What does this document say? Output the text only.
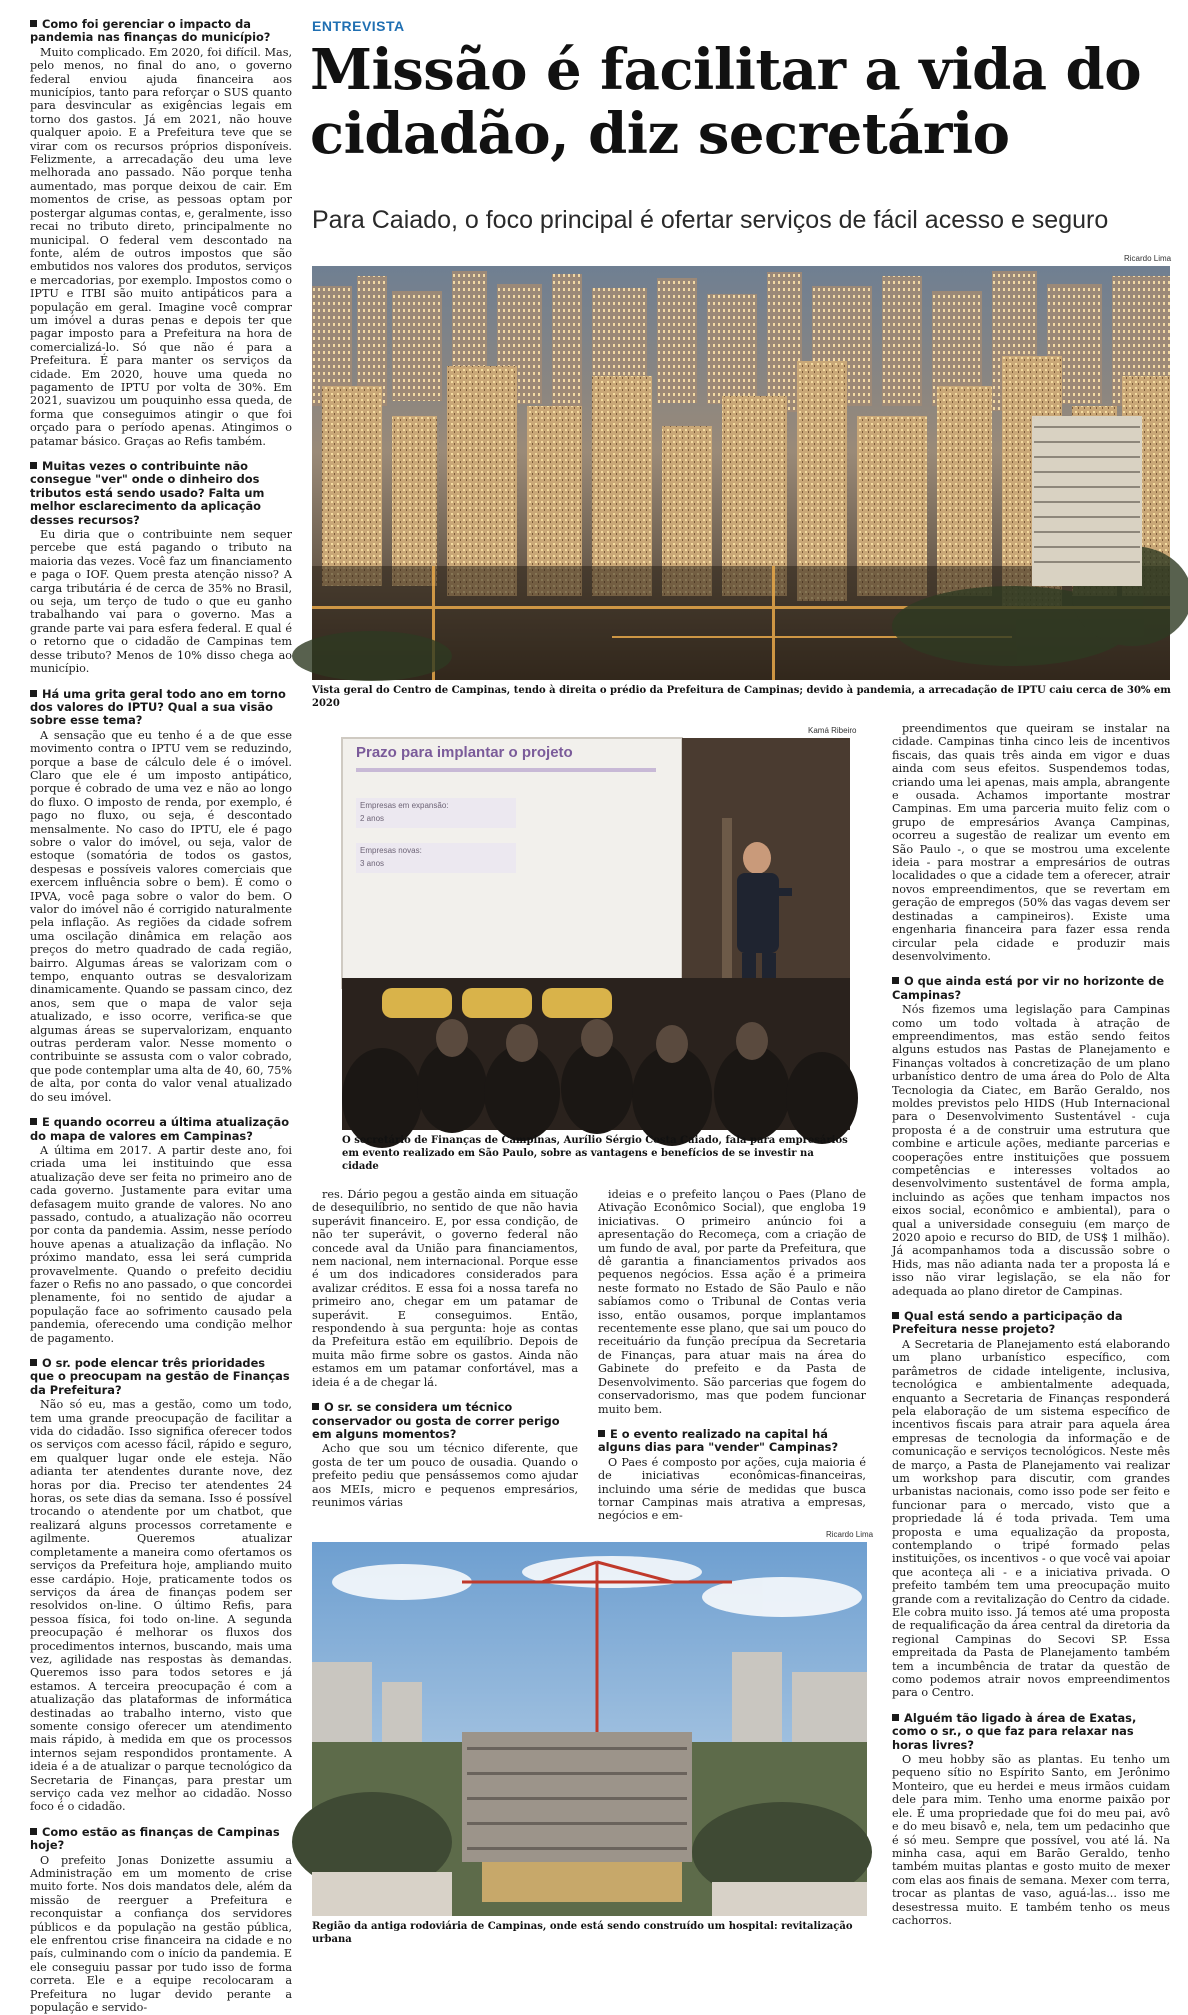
ENTREVISTA
Missão é facilitar a vida do cidadão, diz secretário
Para Caiado, o foco principal é ofertar serviços de fácil acesso e seguro
Como foi gerenciar o impacto da pandemia nas finanças do município?

Muito complicado. Em 2020, foi difícil. Mas, pelo menos, no final do ano, o governo federal enviou ajuda financeira aos municípios, tanto para reforçar o SUS quanto para desvincular as exigências legais em torno dos gastos. Já em 2021, não houve qualquer apoio. E a Prefeitura teve que se virar com os recursos próprios disponíveis. Felizmente, a arrecadação deu uma leve melhorada ano passado. Não porque tenha aumentado, mas porque deixou de cair. Em momentos de crise, as pessoas optam por postergar algumas contas, e, geralmente, isso recai no tributo direto, principalmente no municipal. O federal vem descontado na fonte, além de outros impostos que são embutidos nos valores dos produtos, serviços e mercadorias, por exemplo. Impostos como o IPTU e ITBI são muito antipáticos para a população em geral. Imagine você comprar um imóvel a duras penas e depois ter que pagar imposto para a Prefeitura na hora de comercializá-lo. Só que não é para a Prefeitura. É para manter os serviços da cidade. Em 2020, houve uma queda no pagamento de IPTU por volta de 30%. Em 2021, suavizou um pouquinho essa queda, de forma que conseguimos atingir o que foi orçado para o período apenas. Atingimos o patamar básico. Graças ao Refis também.

Muitas vezes o contribuinte não consegue "ver" onde o dinheiro dos tributos está sendo usado? Falta um melhor esclarecimento da aplicação desses recursos?

Eu diria que o contribuinte nem sequer percebe que está pagando o tributo na maioria das vezes. Você faz um financiamento e paga o IOF. Quem presta atenção nisso? A carga tributária é de cerca de 35% no Brasil, ou seja, um terço de tudo o que eu ganho trabalhando vai para o governo. Mas a grande parte vai para esfera federal. E qual é o retorno que o cidadão de Campinas tem desse tributo? Menos de 10% disso chega ao município.

Há uma grita geral todo ano em torno dos valores do IPTU? Qual a sua visão sobre esse tema?

A sensação que eu tenho é a de que esse movimento contra o IPTU vem se reduzindo, porque a base de cálculo dele é o imóvel. Claro que ele é um imposto antipático, porque é cobrado de uma vez e não ao longo do fluxo. O imposto de renda, por exemplo, é pago no fluxo, ou seja, é descontado mensalmente. No caso do IPTU, ele é pago sobre o valor do imóvel, ou seja, valor de estoque (somatória de todos os gastos, despesas e possíveis valores comerciais que exercem influência sobre o bem). É como o IPVA, você paga sobre o valor do bem. O valor do imóvel não é corrigido naturalmente pela inflação. As regiões da cidade sofrem uma oscilação dinâmica em relação aos preços do metro quadrado de cada região, bairro. Algumas áreas se valorizam com o tempo, enquanto outras se desvalorizam dinamicamente. Quando se passam cinco, dez anos, sem que o mapa de valor seja atualizado, e isso ocorre, verifica-se que algumas áreas se supervalorizam, enquanto outras perderam valor. Nesse momento o contribuinte se assusta com o valor cobrado, que pode contemplar uma alta de 40, 60, 75% de alta, por conta do valor venal atualizado do seu imóvel.

E quando ocorreu a última atualização do mapa de valores em Campinas?

A última em 2017. A partir deste ano, foi criada uma lei instituindo que essa atualização deve ser feita no primeiro ano de cada governo. Justamente para evitar uma defasagem muito grande de valores. No ano passado, contudo, a atualização não ocorreu por conta da pandemia. Assim, nesse período houve apenas a atualização da inflação. No próximo mandato, essa lei será cumprida provavelmente. Quando o prefeito decidiu fazer o Refis no ano passado, o que concordei plenamente, foi no sentido de ajudar a população face ao sofrimento causado pela pandemia, oferecendo uma condição melhor de pagamento.

O sr. pode elencar três prioridades que o preocupam na gestão de Finanças da Prefeitura?

Não só eu, mas a gestão, como um todo, tem uma grande preocupação de facilitar a vida do cidadão. Isso significa oferecer todos os serviços com acesso fácil, rápido e seguro, em qualquer lugar onde ele esteja. Não adianta ter atendentes durante nove, dez horas por dia. Preciso ter atendentes 24 horas, os sete dias da semana. Isso é possível trocando o atendente por um chatbot, que realizará alguns processos corretamente e agilmente. Queremos atualizar completamente a maneira como ofertamos os serviços da Prefeitura hoje, ampliando muito esse cardápio. Hoje, praticamente todos os serviços da área de finanças podem ser resolvidos on-line. O último Refis, para pessoa física, foi todo on-line. A segunda preocupação é melhorar os fluxos dos procedimentos internos, buscando, mais uma vez, agilidade nas respostas às demandas. Queremos isso para todos setores e já estamos. A terceira preocupação é com a atualização das plataformas de informática destinadas ao trabalho interno, visto que somente consigo oferecer um atendimento mais rápido, à medida em que os processos internos sejam respondidos prontamente. A ideia é a de atualizar o parque tecnológico da Secretaria de Finanças, para prestar um serviço cada vez melhor ao cidadão. Nosso foco é o cidadão.

Como estão as finanças de Campinas hoje?

O prefeito Jonas Donizette assumiu a Administração em um momento de crise muito forte. Nos dois mandatos dele, além da missão de reerguer a Prefeitura e reconquistar a confiança dos servidores públicos e da população na gestão pública, ele enfrentou crise financeira na cidade e no país, culminando com o início da pandemia. E ele conseguiu passar por tudo isso de forma correta. Ele e a equipe recolocaram a Prefeitura no lugar devido perante a população e servido-

Ricardo Lima
Vista geral do Centro de Campinas, tendo à direita o prédio da Prefeitura de Campinas; devido à pandemia, a arrecadação de IPTU caiu cerca de 30% em 2020
Kamá Ribeiro
Prazo para implantar o projeto
Empresas em expansão:
2 anos
Empresas novas:
3 anos
O secretário de Finanças de Campinas, Aurílio Sérgio Costa Caiado, fala para empresários em evento realizado em São Paulo, sobre as vantagens e benefícios de se investir na cidade

res. Dário pegou a gestão ainda em situação de desequilíbrio, no sentido de que não havia superávit financeiro. E, por essa condição, de não ter superávit, o governo federal não concede aval da União para financiamentos, nem nacional, nem internacional. Porque esse é um dos indicadores considerados para avalizar créditos. E essa foi a nossa tarefa no primeiro ano, chegar em um patamar de superávit. E conseguimos. Então, respondendo à sua pergunta: hoje as contas da Prefeitura estão em equilíbrio. Depois de muita mão firme sobre os gastos. Ainda não estamos em um patamar confortável, mas a ideia é a de chegar lá.

O sr. se considera um técnico conservador ou gosta de correr perigo em alguns momentos?

Acho que sou um técnico diferente, que gosta de ter um pouco de ousadia. Quando o prefeito pediu que pensássemos como ajudar aos MEIs, micro e pequenos empresários, reunimos várias

ideias e o prefeito lançou o Paes (Plano de Ativação Econômico Social), que engloba 19 iniciativas. O primeiro anúncio foi a apresentação do Recomeça, com a criação de um fundo de aval, por parte da Prefeitura, que dê garantia a financiamentos privados aos pequenos negócios. Essa ação é a primeira neste formato no Estado de São Paulo e não sabíamos como o Tribunal de Contas veria isso, então ousamos, porque implantamos recentemente esse plano, que sai um pouco do receituário da função precípua da Secretaria de Finanças, para atuar mais na área do Gabinete do prefeito e da Pasta de Desenvolvimento. São parcerias que fogem do conservadorismo, mas que podem funcionar muito bem.

E o evento realizado na capital há alguns dias para "vender" Campinas?

O Paes é composto por ações, cuja maioria é de iniciativas econômicas-financeiras, incluindo uma série de medidas que busca tornar Campinas mais atrativa a empresas, negócios e em-

Ricardo Lima
Região da antiga rodoviária de Campinas, onde está sendo construído um hospital: revitalização urbana

preendimentos que queiram se instalar na cidade. Campinas tinha cinco leis de incentivos fiscais, das quais três ainda em vigor e duas ainda com seus efeitos. Suspendemos todas, criando uma lei apenas, mais ampla, abrangente e ousada. Achamos importante mostrar Campinas. Em uma parceria muito feliz com o grupo de empresários Avança Campinas, ocorreu a sugestão de realizar um evento em São Paulo -, o que se mostrou uma excelente ideia - para mostrar a empresários de outras localidades o que a cidade tem a oferecer, atrair novos empreendimentos, que se revertam em geração de empregos (50% das vagas devem ser destinadas a campineiros). Existe uma engenharia financeira para fazer essa renda circular pela cidade e produzir mais desenvolvimento.

O que ainda está por vir no horizonte de Campinas?

Nós fizemos uma legislação para Campinas como um todo voltada à atração de empreendimentos, mas estão sendo feitos alguns estudos nas Pastas de Planejamento e Finanças voltados à concretização de um plano urbanístico dentro de uma área do Polo de Alta Tecnologia da Ciatec, em Barão Geraldo, nos moldes previstos pelo HIDS (Hub Internacional para o Desenvolvimento Sustentável - cuja proposta é a de construir uma estrutura que combine e articule ações, mediante parcerias e cooperações entre instituições que possuem competências e interesses voltados ao desenvolvimento sustentável de forma ampla, incluindo as ações que tenham impactos nos eixos social, econômico e ambiental), para o qual a universidade conseguiu (em março de 2020 apoio e recurso do BID, de US$ 1 milhão). Já acompanhamos toda a discussão sobre o Hids, mas não adianta nada ter a proposta lá e isso não virar legislação, se ela não for adequada ao plano diretor de Campinas.

Qual está sendo a participação da Prefeitura nesse projeto?

A Secretaria de Planejamento está elaborando um plano urbanístico específico, com parâmetros de cidade inteligente, inclusiva, tecnológica e ambientalmente adequada, enquanto a Secretaria de Finanças responderá pela elaboração de um sistema específico de incentivos fiscais para atrair para aquela área empresas de tecnologia da informação e de comunicação e serviços tecnológicos. Neste mês de março, a Pasta de Planejamento vai realizar um workshop para discutir, com grandes urbanistas nacionais, como isso pode ser feito e funcionar para o mercado, visto que a propriedade lá é toda privada. Tem uma proposta e uma equalização da proposta, contemplando o tripé formado pelas instituições, os incentivos - o que você vai apoiar que aconteça ali - e a iniciativa privada. O prefeito também tem uma preocupação muito grande com a revitalização do Centro da cidade. Ele cobra muito isso. Já temos até uma proposta de requalificação da área central da diretoria da regional Campinas do Secovi SP. Essa empreitada da Pasta de Planejamento também tem a incumbência de tratar da questão de como podemos atrair novos empreendimentos para o Centro.

Alguém tão ligado à área de Exatas, como o sr., o que faz para relaxar nas horas livres?

O meu hobby são as plantas. Eu tenho um pequeno sítio no Espírito Santo, em Jerônimo Monteiro, que eu herdei e meus irmãos cuidam dele para mim. Tenho uma enorme paixão por ele. É uma propriedade que foi do meu pai, avô e do meu bisavô e, nela, tem um pedacinho que é só meu. Sempre que possível, vou até lá. Na minha casa, aqui em Barão Geraldo, tenho também muitas plantas e gosto muito de mexer com elas aos finais de semana. Mexer com terra, trocar as plantas de vaso, aguá-las... isso me desestressa muito. E também tenho os meus cachorros.
